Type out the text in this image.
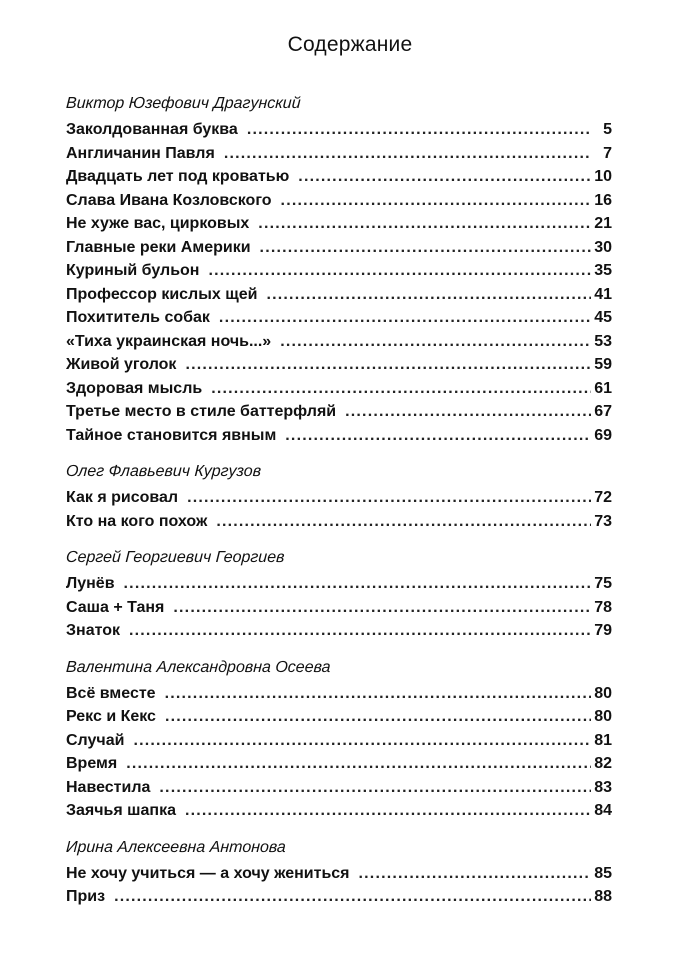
Содержание
Виктор Юзефович Драгунский
Заколдованная буква .....	5
Англичанин Павля .....	7
Двадцать лет под кроватью .....	10
Слава Ивана Козловского .....	16
Не хуже вас, цирковых .....	21
Главные реки Америки .....	30
Куриный бульон .....	35
Профессор кислых щей .....	41
Похититель собак .....	45
«Тиха украинская ночь...» .....	53
Живой уголок .....	59
Здоровая мысль .....	61
Третье место в стиле баттерфляй .....	67
Тайное становится явным .....	69
Олег Флавьевич Кургузов
Как я рисовал .....	72
Кто на кого похож .....	73
Сергей Георгиевич Георгиев
Лунёв .....	75
Саша + Таня .....	78
Знаток .....	79
Валентина Александровна Осеева
Всё вместе .....	80
Рекс и Кекс .....	80
Случай .....	81
Время .....	82
Навестила .....	83
Заячья шапка .....	84
Ирина Алексеевна Антонова
Не хочу учиться — а хочу жениться .....	85
Приз .....	88
